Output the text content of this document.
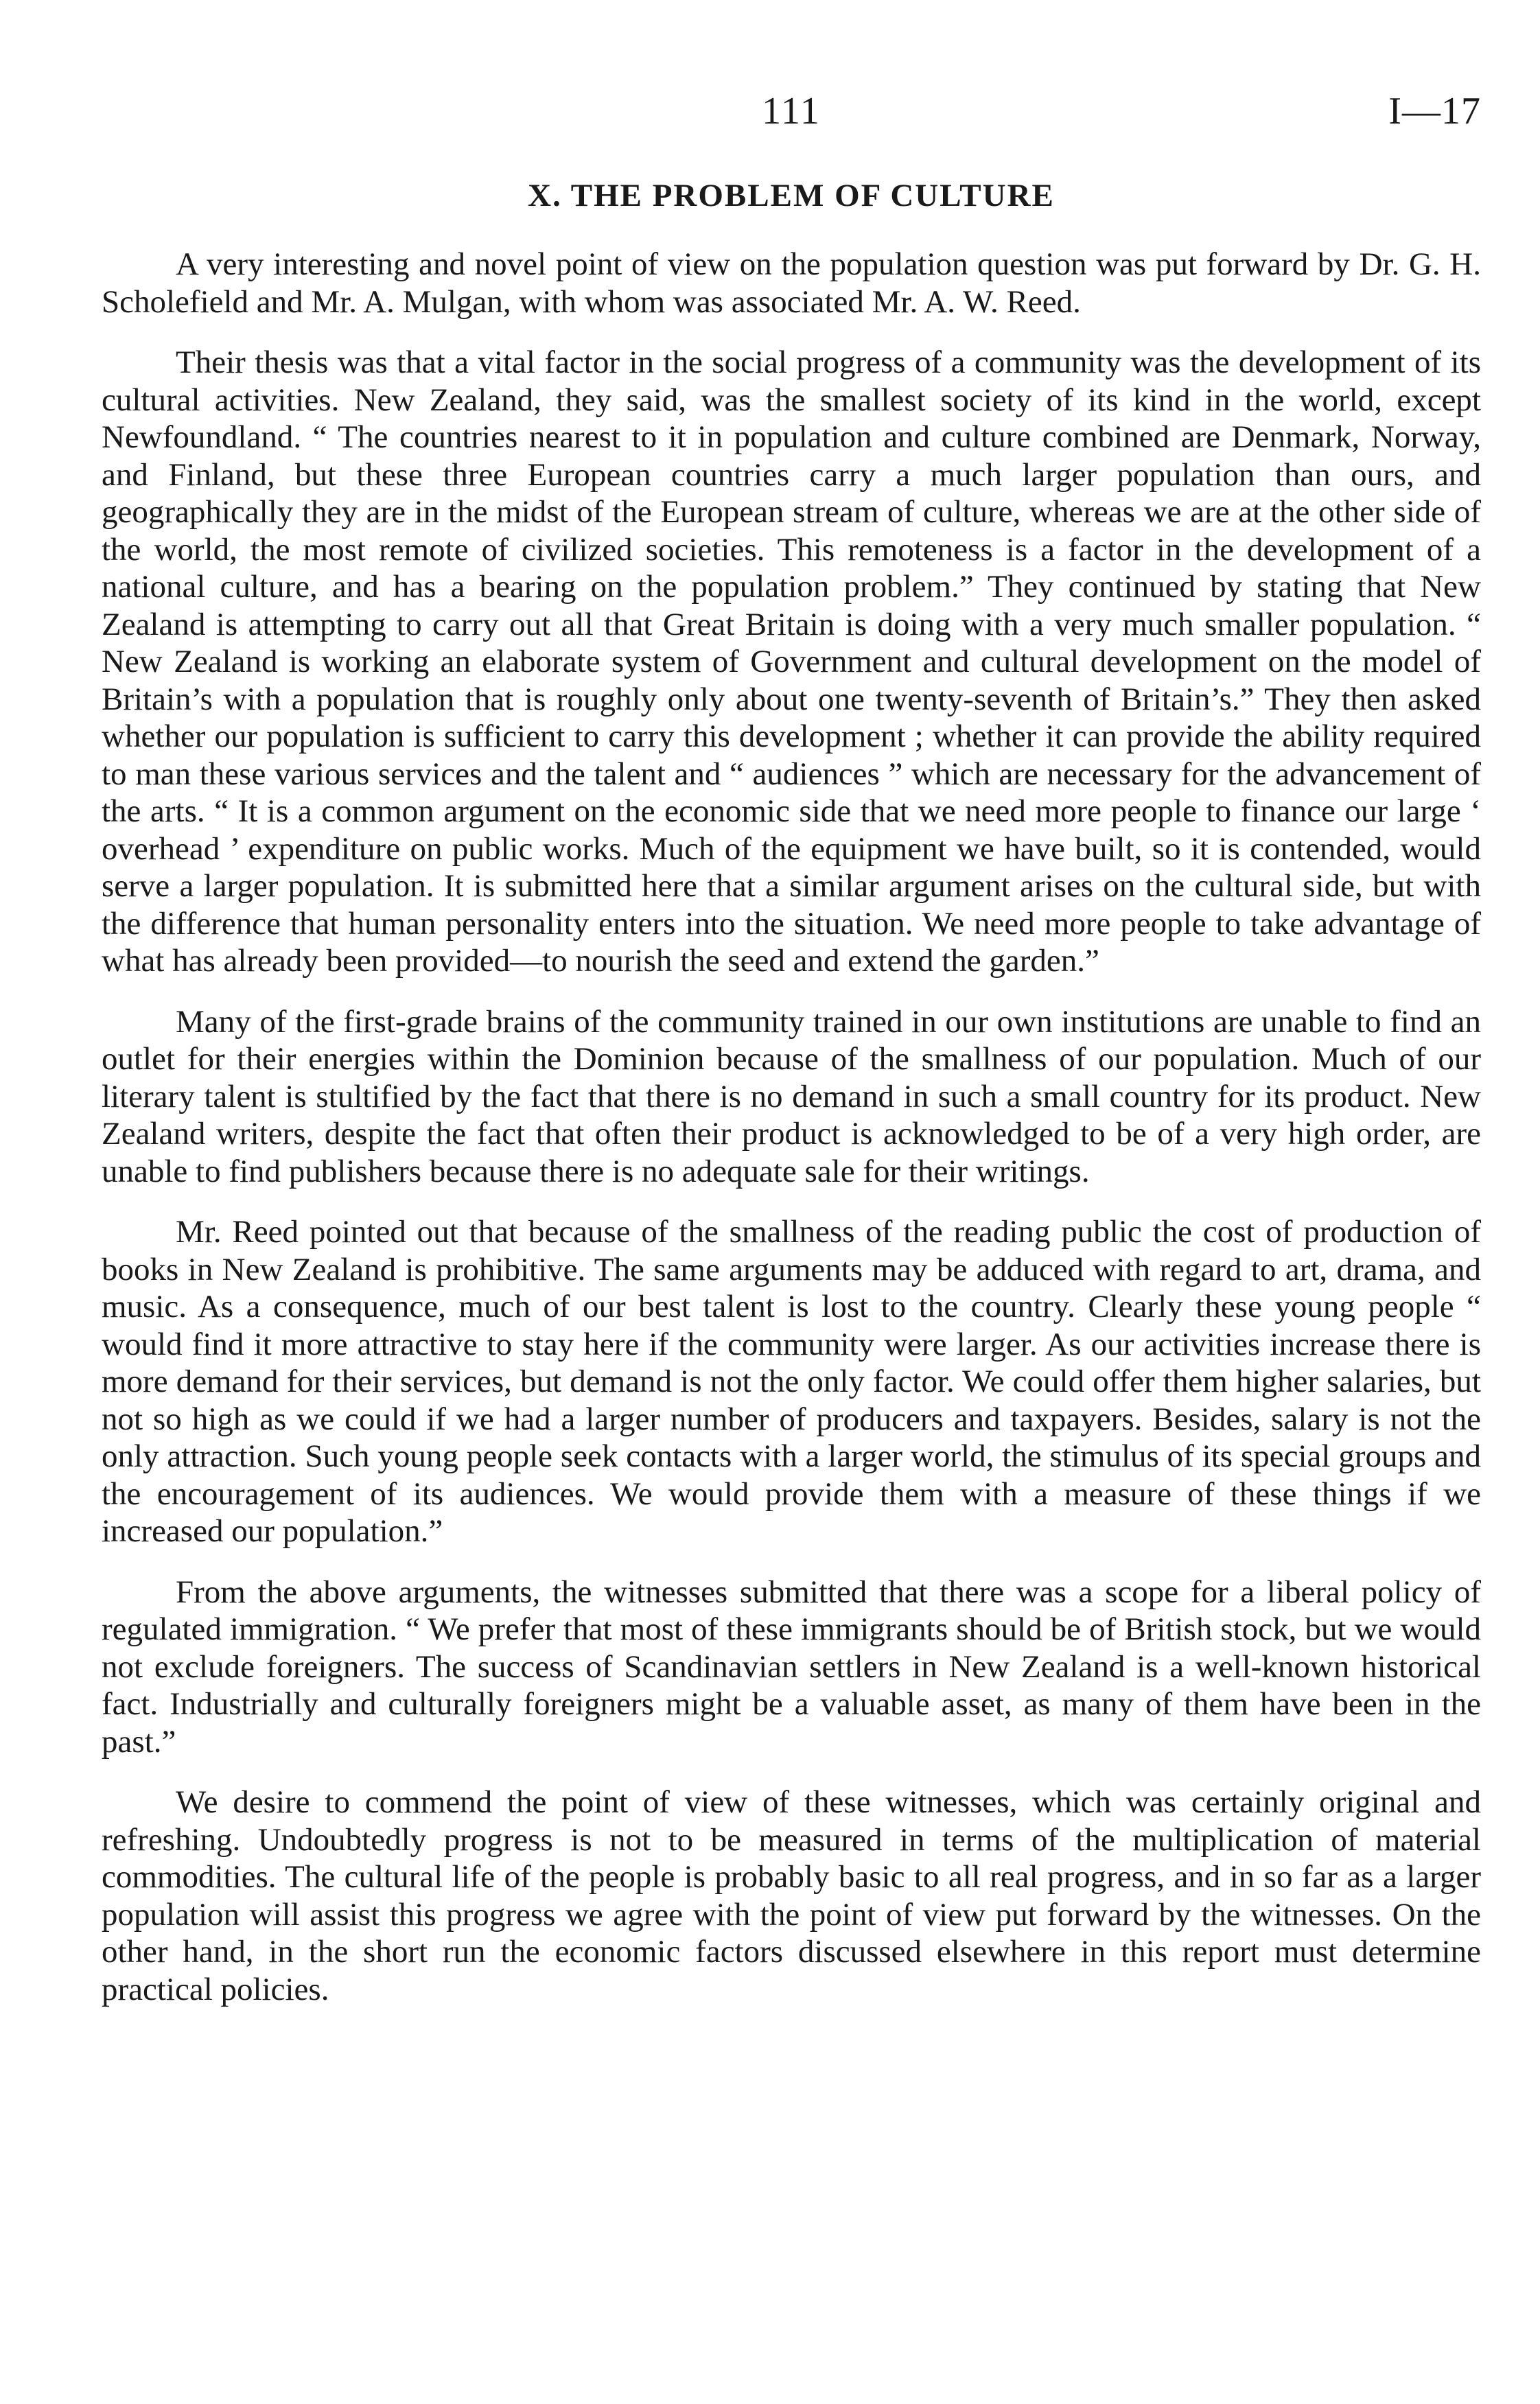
111	I—17
X. THE PROBLEM OF CULTURE

A very interesting and novel point of view on the population question was put forward by Dr. G. H. Scholefield and Mr. A. Mulgan, with whom was associated Mr. A. W. Reed.

Their thesis was that a vital factor in the social progress of a community was the development of its cultural activities. New Zealand, they said, was the smallest society of its kind in the world, except Newfoundland. “ The countries nearest to it in population and culture combined are Denmark, Norway, and Finland, but these three European countries carry a much larger population than ours, and geographically they are in the midst of the European stream of culture, whereas we are at the other side of the world, the most remote of civilized societies. This remoteness is a factor in the development of a national culture, and has a bearing on the population problem.” They continued by stating that New Zealand is attempting to carry out all that Great Britain is doing with a very much smaller population. “ New Zealand is working an elaborate system of Government and cultural development on the model of Britain’s with a population that is roughly only about one twenty-seventh of Britain’s.” They then asked whether our population is sufficient to carry this development ; whether it can provide the ability required to man these various services and the talent and “ audiences ” which are necessary for the advancement of the arts. “ It is a common argument on the economic side that we need more people to finance our large ‘ overhead ’ expenditure on public works. Much of the equipment we have built, so it is contended, would serve a larger population. It is submitted here that a similar argument arises on the cultural side, but with the difference that human personality enters into the situation. We need more people to take advantage of what has already been provided—to nourish the seed and extend the garden.”

Many of the first-grade brains of the community trained in our own institutions are unable to find an outlet for their energies within the Dominion because of the smallness of our population. Much of our literary talent is stultified by the fact that there is no demand in such a small country for its product. New Zealand writers, despite the fact that often their product is acknowledged to be of a very high order, are unable to find publishers because there is no adequate sale for their writings.

Mr. Reed pointed out that because of the smallness of the reading public the cost of production of books in New Zealand is prohibitive. The same arguments may be adduced with regard to art, drama, and music. As a consequence, much of our best talent is lost to the country. Clearly these young people “ would find it more attractive to stay here if the community were larger. As our activities increase there is more demand for their services, but demand is not the only factor. We could offer them higher salaries, but not so high as we could if we had a larger number of producers and taxpayers. Besides, salary is not the only attraction. Such young people seek contacts with a larger world, the stimulus of its special groups and the encouragement of its audiences. We would provide them with a measure of these things if we increased our population.”

From the above arguments, the witnesses submitted that there was a scope for a liberal policy of regulated immigration. “ We prefer that most of these immigrants should be of British stock, but we would not exclude foreigners. The success of Scandinavian settlers in New Zealand is a well-known historical fact. Industrially and culturally foreigners might be a valuable asset, as many of them have been in the past.”

We desire to commend the point of view of these witnesses, which was certainly original and refreshing. Undoubtedly progress is not to be measured in terms of the multiplication of material commodities. The cultural life of the people is probably basic to all real progress, and in so far as a larger population will assist this progress we agree with the point of view put forward by the witnesses. On the other hand, in the short run the economic factors discussed elsewhere in this report must determine practical policies.
